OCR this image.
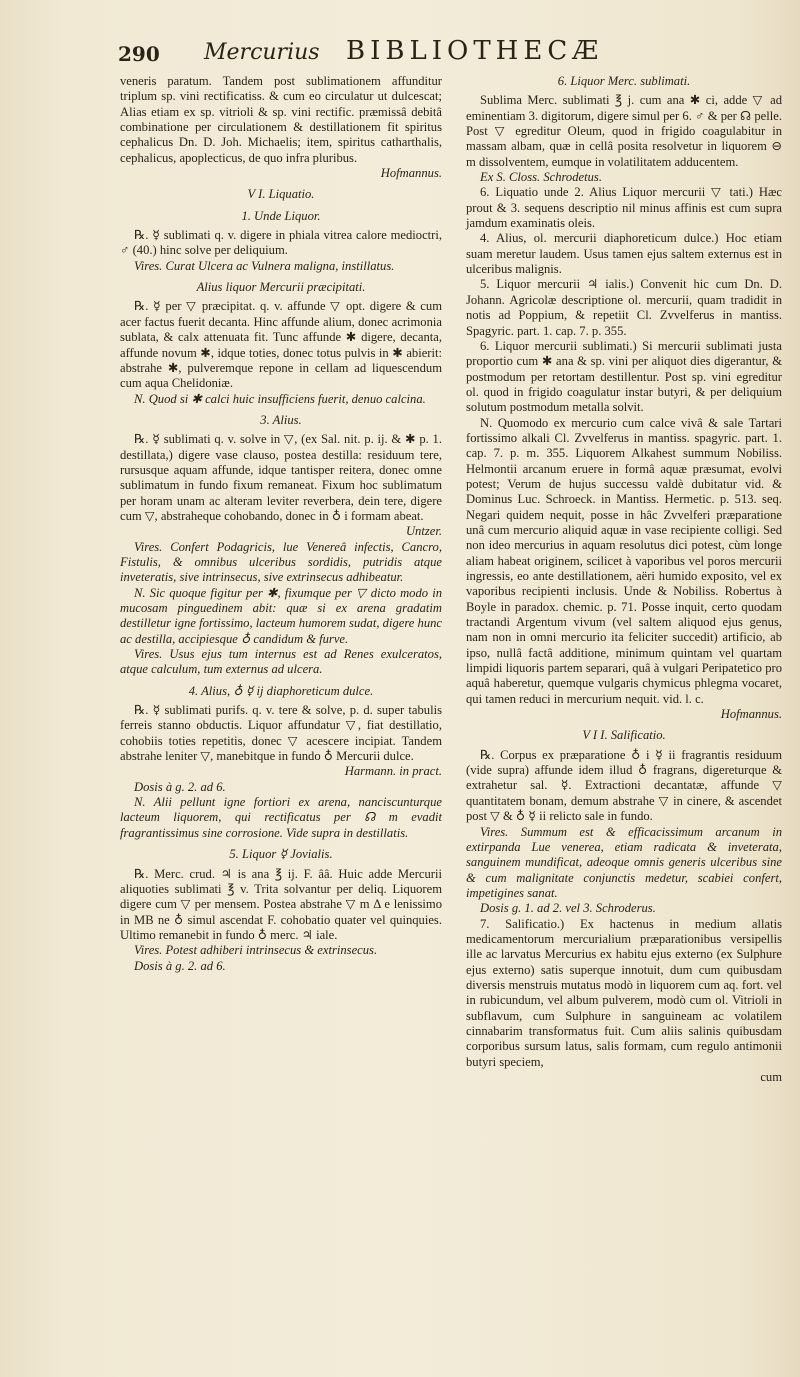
290 Mercurius BIBLIOTHECÆ

veneris paratum. Tandem post sublimationem affunditur triplum sp. vini rectificatiss. & cum eo circulatur ut dulcescat; Alias etiam ex sp. vitrioli & sp. vini rectific. præmissâ debitâ combinatione per circulationem & destillationem fit spiritus cephalicus Dn. D. Joh. Michaelis; item, spiritus catharthalis, cephalicus, apoplecticus, de quo infra pluribus.

Hofmannus.

V I. Liquatio.
1. Unde Liquor.

℞. ☿ sublimati q. v. digere in phiala vitrea calore medioctri, ♂ (40.) hinc solve per deliquium.

Vires. Curat Ulcera ac Vulnera maligna, instillatus.

Alius liquor Mercurii præcipitati.

℞. ☿ per ▽ præcipitat. q. v. affunde ▽ opt. digere & cum acer factus fuerit decanta. Hinc affunde alium, donec acrimonia sublata, & calx attenuata fit. Tunc affunde ✱ digere, decanta, affunde novum ✱, idque toties, donec totus pulvis in ✱ abierit: abstrahe ✱, pulveremque repone in cellam ad liquescendum cum aqua Chelidoniæ.

N. Quod si ✱ calci huic insufficiens fuerit, denuo calcina.

3. Alius.

℞. ☿ sublimati q. v. solve in ▽, (ex Sal. nit. p. ij. & ✱ p. 1. destillata,) digere vase clauso, postea destilla: residuum tere, rursusque aquam affunde, idque tantisper reitera, donec omne sublimatum in fundo fixum remaneat. Fixum hoc sublimatum per horam unam ac alteram leviter reverbera, dein tere, digere cum ▽, abstraheque cohobando, donec in ♁ i formam abeat.

Untzer.

Vires. Confert Podagricis, lue Venereâ infectis, Cancro, Fistulis, & omnibus ulceribus sordidis, putridis atque inveteratis, sive intrinsecus, sive extrinsecus adhibeatur.

N. Sic quoque figitur per ✱, fixumque per ▽ dicto modo in mucosam pinguedinem abit: quæ si ex arena gradatim destilletur igne fortissimo, lacteum humorem sudat, digere hunc ac destilla, accipiesque ♁ candidum & furve.

Vires. Usus ejus tum internus est ad Renes exulceratos, atque calculum, tum externus ad ulcera.

4. Alius, ♁ ☿ ij diaphoreticum dulce.

℞. ☿ sublimati purifs. q. v. tere & solve, p. d. super tabulis ferreis stanno obductis. Liquor affundatur ▽, fiat destillatio, cohobiis toties repetitis, donec ▽ acescere incipiat. Tandem abstrahe leniter ▽, manebitque in fundo ♁ Mercurii dulce.

Harmann. in pract.

Dosis à g. 2. ad 6.

N. Alii pellunt igne fortiori ex arena, nanciscunturque lacteum liquorem, qui rectificatus per ☊ m evadit fragrantissimus sine corrosione. Vide supra in destillatis.

5. Liquor ☿ Jovialis.

℞. Merc. crud. ♃ is ana ℥ ij. F. ââ. Huic adde Mercurii aliquoties sublimati ℥ v. Trita solvantur per deliq. Liquorem digere cum ▽ per mensem. Postea abstrahe ▽ m Δ e lenissimo in MB ne ♁ simul ascendat F. cohobatio quater vel quinquies. Ultimo remanebit in fundo ♁ merc. ♃ iale.

Vires. Potest adhiberi intrinsecus & extrinsecus.

Dosis à g. 2. ad 6.

6. Liquor Merc. sublimati.

Sublima Merc. sublimati ℥ j. cum ana ✱ ci, adde ▽ ad eminentiam 3. digitorum, digere simul per 6. ♂ & per ☊ pelle. Post ▽ egreditur Oleum, quod in frigido coagulabitur in massam albam, quæ in cellâ posita resolvetur in liquorem ⊖ m dissolventem, eumque in volatilitatem adducentem.

Ex S. Closs. Schrodetus.

6. Liquatio unde 2. Alius Liquor mercurii ▽ tati.) Hæc prout & 3. sequens descriptio nil minus affinis est cum supra jamdum examinatis oleis.

4. Alius, ol. mercurii diaphoreticum dulce.) Hoc etiam suam meretur laudem. Usus tamen ejus saltem externus est in ulceribus malignis.

5. Liquor mercurii ♃ ialis.) Convenit hic cum Dn. D. Johann. Agricolæ descriptione ol. mercurii, quam tradidit in notis ad Poppium, & repetiit Cl. Zvvelferus in mantiss. Spagyric. part. 1. cap. 7. p. 355.

6. Liquor mercurii sublimati.) Si mercurii sublimati justa proportio cum ✱ ana & sp. vini per aliquot dies digerantur, & postmodum per retortam destillentur. Post sp. vini egreditur ol. quod in frigido coagulatur instar butyri, & per deliquium solutum postmodum metalla solvit.

N. Quomodo ex mercurio cum calce vivâ & sale Tartari fortissimo alkali Cl. Zvvelferus in mantiss. spagyric. part. 1. cap. 7. p. m. 355. Liquorem Alkahest summum Nobiliss. Helmontii arcanum eruere in formâ aquæ præsumat, evolvi potest; Verum de hujus successu valdè dubitatur vid. & Dominus Luc. Schroeck. in Mantiss. Hermetic. p. 513. seq. Negari quidem nequit, posse in hâc Zvvelferi præparatione unâ cum mercurio aliquid aquæ in vase recipiente colligi. Sed non ideo mercurius in aquam resolutus dici potest, cùm longe aliam habeat originem, scilicet à vaporibus vel poros mercurii ingressis, eo ante destillationem, aëri humido exposito, vel ex vaporibus recipienti inclusis. Unde & Nobiliss. Robertus à Boyle in paradox. chemic. p. 71. Posse inquit, certo quodam tractandi Argentum vivum (vel saltem aliquod ejus genus, nam non in omni mercurio ita feliciter succedit) artificio, ab ipso, nullâ factâ additione, minimum quintam vel quartam limpidi liquoris partem separari, quâ à vulgari Peripatetico pro aquâ haberetur, quemque vulgaris chymicus phlegma vocaret, qui tamen reduci in mercurium nequit. vid. l. c.

Hofmannus.

V I I. Salificatio.

℞. Corpus ex præparatione ♁ i ☿ ii fragrantis residuum (vide supra) affunde idem illud ♁ fragrans, digereturque & extrahetur sal. ☿. Extractioni decantatæ, affunde ▽ quantitatem bonam, demum abstrahe ▽ in cinere, & ascendet post ▽ & ♁ ☿ ii relicto sale in fundo.

Vires. Summum est & efficacissimum arcanum in extirpanda Lue venerea, etiam radicata & inveterata, sanguinem mundificat, adeoque omnis generis ulceribus sine & cum malignitate conjunctis medetur, scabiei confert, impetigines sanat.

Dosis g. 1. ad 2. vel 3. Schroderus.

7. Salificatio.) Ex hactenus in medium allatis medicamentorum mercurialium præparationibus versipellis ille ac larvatus Mercurius ex habitu ejus externo (ex Sulphure ejus externo) satis superque innotuit, dum cum quibusdam diversis menstruis mutatus modò in liquorem cum aq. fort. vel in rubicundum, vel album pulverem, modò cum ol. Vitrioli in subflavum, cum Sulphure in sanguineam ac volatilem cinnabarim transformatus fuit. Cum aliis salinis quibusdam corporibus sursum latus, salis formam, cum regulo antimonii butyri speciem,

cum
